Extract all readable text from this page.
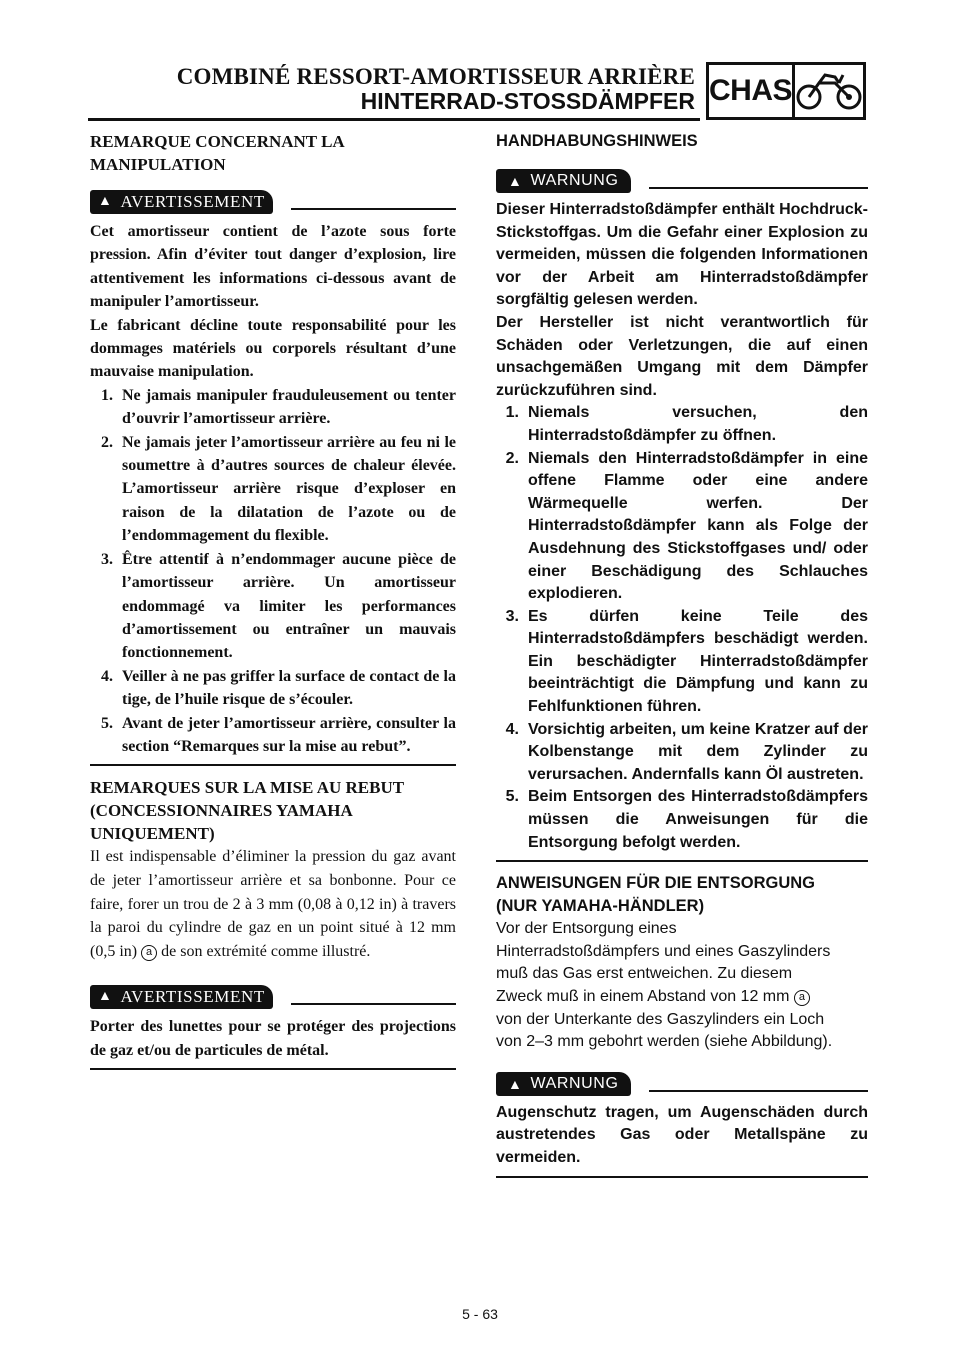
COMBINÉ RESSORT-AMORTISSEUR ARRIÈRE
HINTERRAD-STOSSDÄMPFER CHAS
REMARQUE CONCERNANT LA MANIPULATION
▲ AVERTISSEMENT
Cet amortisseur contient de l’azote sous forte pression. Afin d’éviter tout danger d’explosion, lire attentivement les informations ci-dessous avant de manipuler l’amortisseur.
Le fabricant décline toute responsabilité pour les dommages matériels ou corporels résultant d’une mauvaise manipulation.
1. Ne jamais manipuler frauduleusement ou tenter d’ouvrir l’amortisseur arrière.
2. Ne jamais jeter l’amortisseur arrière au feu ni le soumettre à d’autres sources de chaleur élevée. L’amortisseur arrière risque d’exploser en raison de la dilatation de l’azote ou de l’endommagement du flexible.
3. Être attentif à n’endommager aucune pièce de l’amortisseur arrière. Un amortisseur endommagé va limiter les performances d’amortissement ou entraîner un mauvais fonctionnement.
4. Veiller à ne pas griffer la surface de contact de la tige, de l’huile risque de s’écouler.
5. Avant de jeter l’amortisseur arrière, consulter la section “Remarques sur la mise au rebut”.
REMARQUES SUR LA MISE AU REBUT (CONCESSIONNAIRES YAMAHA UNIQUEMENT)
Il est indispensable d’éliminer la pression du gaz avant de jeter l’amortisseur arrière et sa bonbonne. Pour ce faire, forer un trou de 2 à 3 mm (0,08 à 0,12 in) à travers la paroi du cylindre de gaz en un point situé à 12 mm (0,5 in) a de son extrémité comme illustré.
▲ AVERTISSEMENT
Porter des lunettes pour se protéger des projections de gaz et/ou de particules de métal.
HANDHABUNGSHINWEIS
▲ WARNUNG
Dieser Hinterradstoßdämpfer enthält Hochdruck-Stickstoffgas. Um die Gefahr einer Explosion zu vermeiden, müssen die folgenden Informationen vor der Arbeit am Hinterradstoßdämpfer sorgfältig gelesen werden.
Der Hersteller ist nicht verantwortlich für Schäden oder Verletzungen, die auf einen unsachgemäßen Umgang mit dem Dämpfer zurückzuführen sind.
1. Niemals versuchen, den Hinterradstoßdämpfer zu öffnen.
2. Niemals den Hinterradstoßdämpfer in eine offene Flamme oder eine andere Wärmequelle werfen. Der Hinterradstoßdämpfer kann als Folge der Ausdehnung des Stickstoffgases und/ oder einer Beschädigung des Schlauches explodieren.
3. Es dürfen keine Teile des Hinterradstoßdämpfers beschädigt werden. Ein beschädigter Hinterradstoßdämpfer beeinträchtigt die Dämpfung und kann zu Fehlfunktionen führen.
4. Vorsichtig arbeiten, um keine Kratzer auf der Kolbenstange mit dem Zylinder zu verursachen. Andernfalls kann Öl austreten.
5. Beim Entsorgen des Hinterradstoßdämpfers müssen die Anweisungen für die Entsorgung befolgt werden.
ANWEISUNGEN FÜR DIE ENTSORGUNG (NUR YAMAHA-HÄNDLER)
Vor der Entsorgung eines Hinterradstoßdämpfers und eines Gaszylinders muß das Gas erst entweichen. Zu diesem Zweck muß in einem Abstand von 12 mm a von der Unterkante des Gaszylinders ein Loch von 2–3 mm gebohrt werden (siehe Abbildung).
▲ WARNUNG
Augenschutz tragen, um Augenschäden durch austretendes Gas oder Metallspäne zu vermeiden.
5 - 63
